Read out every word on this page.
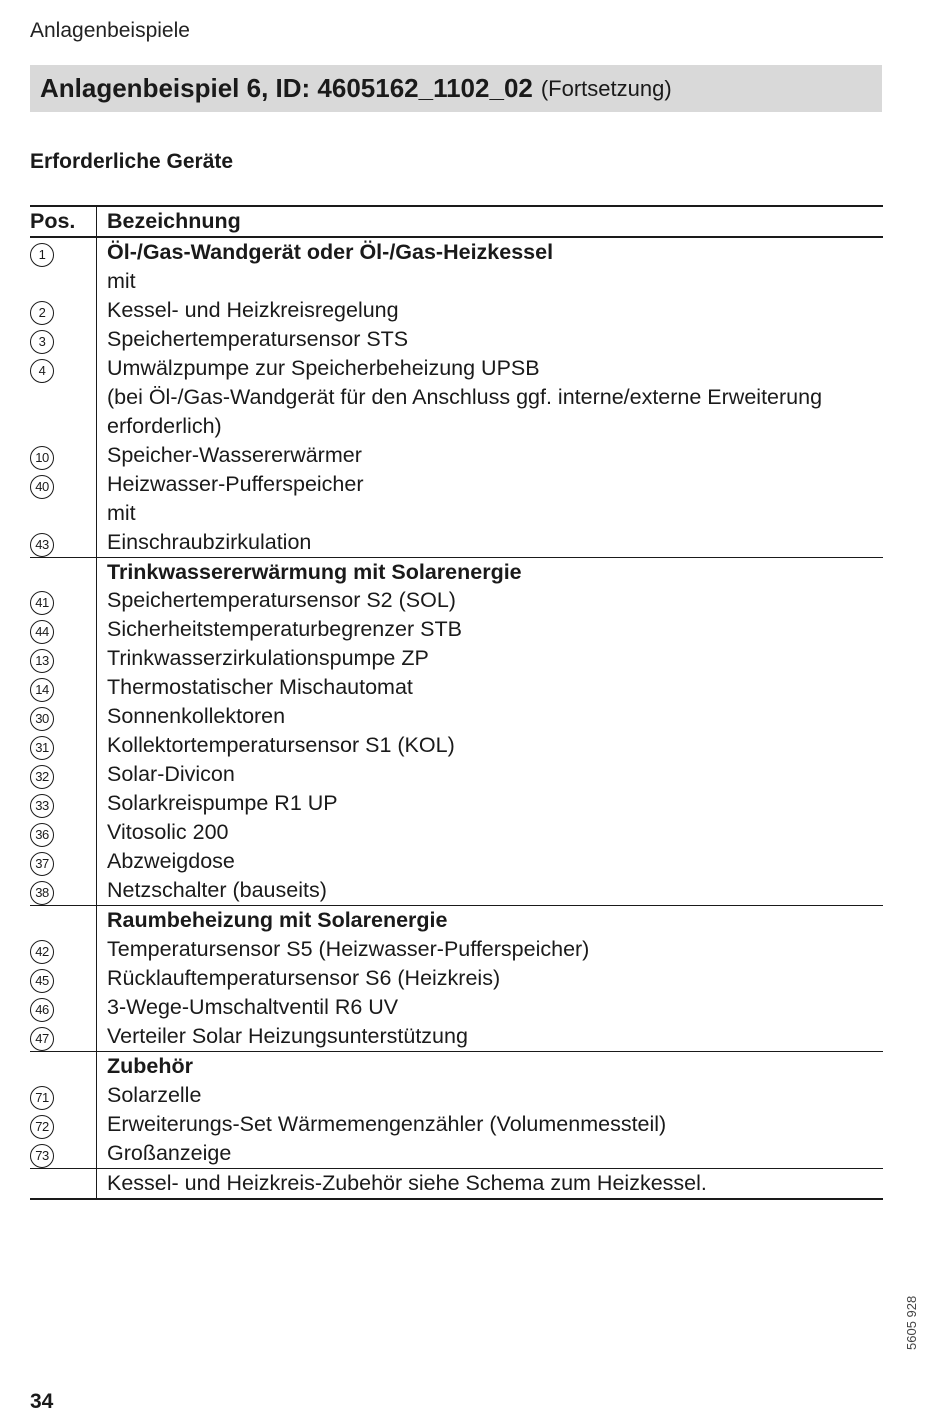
Anlagenbeispiele
Anlagenbeispiel 6, ID: 4605162_1102_02 (Fortsetzung)
Erforderliche Geräte
Pos.	Bezeichnung
1	Öl-/Gas-Wandgerät oder Öl-/Gas-Heizkessel
	mit
2	Kessel- und Heizkreisregelung
3	Speichertemperatursensor STS
4	Umwälzpumpe zur Speicherbeheizung UPSB
	(bei Öl-/Gas-Wandgerät für den Anschluss ggf. interne/externe Erweiterung
	erforderlich)
10	Speicher-Wassererwärmer
40	Heizwasser-Pufferspeicher
	mit
43	Einschraubzirkulation
	Trinkwassererwärmung mit Solarenergie
41	Speichertemperatursensor S2 (SOL)
44	Sicherheitstemperaturbegrenzer STB
13	Trinkwasserzirkulationspumpe ZP
14	Thermostatischer Mischautomat
30	Sonnenkollektoren
31	Kollektortemperatursensor S1 (KOL)
32	Solar-Divicon
33	Solarkreispumpe R1 UP
36	Vitosolic 200
37	Abzweigdose
38	Netzschalter (bauseits)
	Raumbeheizung mit Solarenergie
42	Temperatursensor S5 (Heizwasser-Pufferspeicher)
45	Rücklauftemperatursensor S6 (Heizkreis)
46	3-Wege-Umschaltventil R6 UV
47	Verteiler Solar Heizungsunterstützung
	Zubehör
71	Solarzelle
72	Erweiterungs-Set Wärmemengenzähler (Volumenmessteil)
73	Großanzeige
	Kessel- und Heizkreis-Zubehör siehe Schema zum Heizkessel.
5605 928
34
